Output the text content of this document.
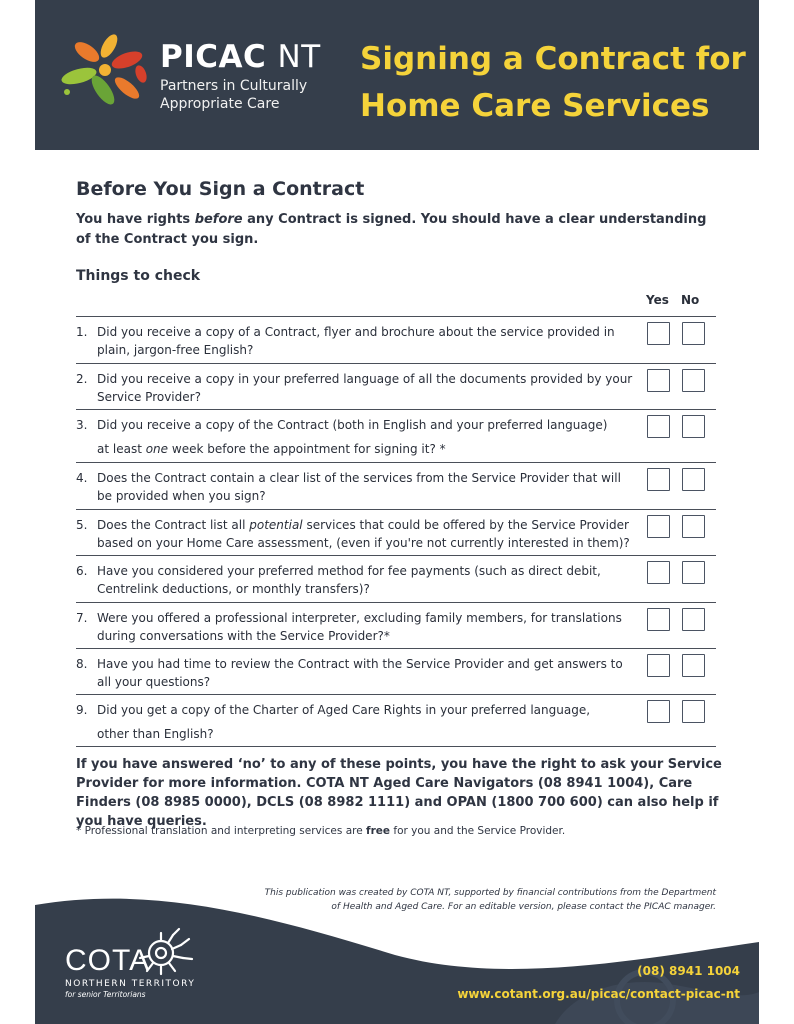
PICAC NT
Partners in Culturally
Appropriate Care
Signing a Contract for
Home Care Services
Before You Sign a Contract
You have rights before any Contract is signed. You should have a clear understanding of the Contract you sign.
Things to check
Yes No
1. Did you receive a copy of a Contract, flyer and brochure about the service provided in plain, jargon-free English?
2. Did you receive a copy in your preferred language of all the documents provided by your Service Provider?
3. Did you receive a copy of the Contract (both in English and your preferred language)
at least one week before the appointment for signing it? *
4. Does the Contract contain a clear list of the services from the Service Provider that will be provided when you sign?
5. Does the Contract list all potential services that could be offered by the Service Provider based on your Home Care assessment, (even if you're not currently interested in them)?
6. Have you considered your preferred method for fee payments (such as direct debit, Centrelink deductions, or monthly transfers)?
7. Were you offered a professional interpreter, excluding family members, for translations during conversations with the Service Provider?*
8. Have you had time to review the Contract with the Service Provider and get answers to all your questions?
9. Did you get a copy of the Charter of Aged Care Rights in your preferred language,
other than English?
If you have answered ‘no’ to any of these points, you have the right to ask your Service Provider for more information. COTA NT Aged Care Navigators (08 8941 1004), Care Finders (08 8985 0000), DCLS (08 8982 1111) and OPAN (1800 700 600) can also help if you have queries.
* Professional translation and interpreting services are free for you and the Service Provider.
This publication was created by COTA NT, supported by financial contributions from the Department
of Health and Aged Care. For an editable version, please contact the PICAC manager.
COTA
NORTHERN TERRITORY
for senior Territorians
(08) 8941 1004
www.cotant.org.au/picac/contact-picac-nt
